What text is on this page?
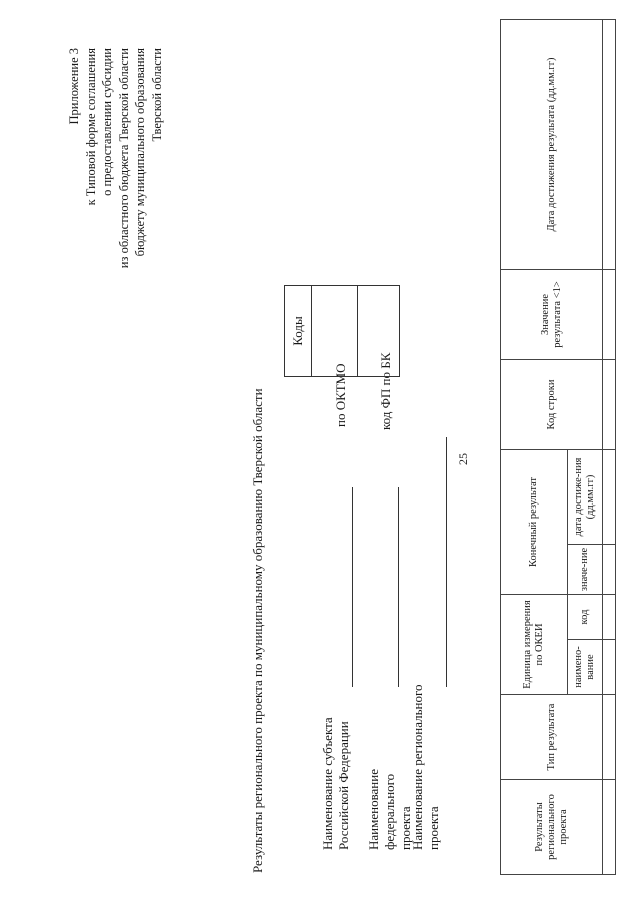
25
Приложение 3 к Типовой форме соглашения о предоставлении субсидии из областного бюджета Тверской области бюджету муниципального образования Тверской области
Результаты регионального проекта по муниципальному образованию Тверской области	Наименование субъекта Российской Федерации Наименование федерального проекта
Наименование регионального проекта
по ОКТМО код ФП по БК
Коды
Результаты регионального проекта	Тип результата	Единица измерения по ОКЕИ		Конечный результат		Код строки	Значение результата <1>	Дата достижения результата (дд.мм.гг)
		наимено-вание	код	значе-ние	дата достиже-ния (дд.мм.гг)			
